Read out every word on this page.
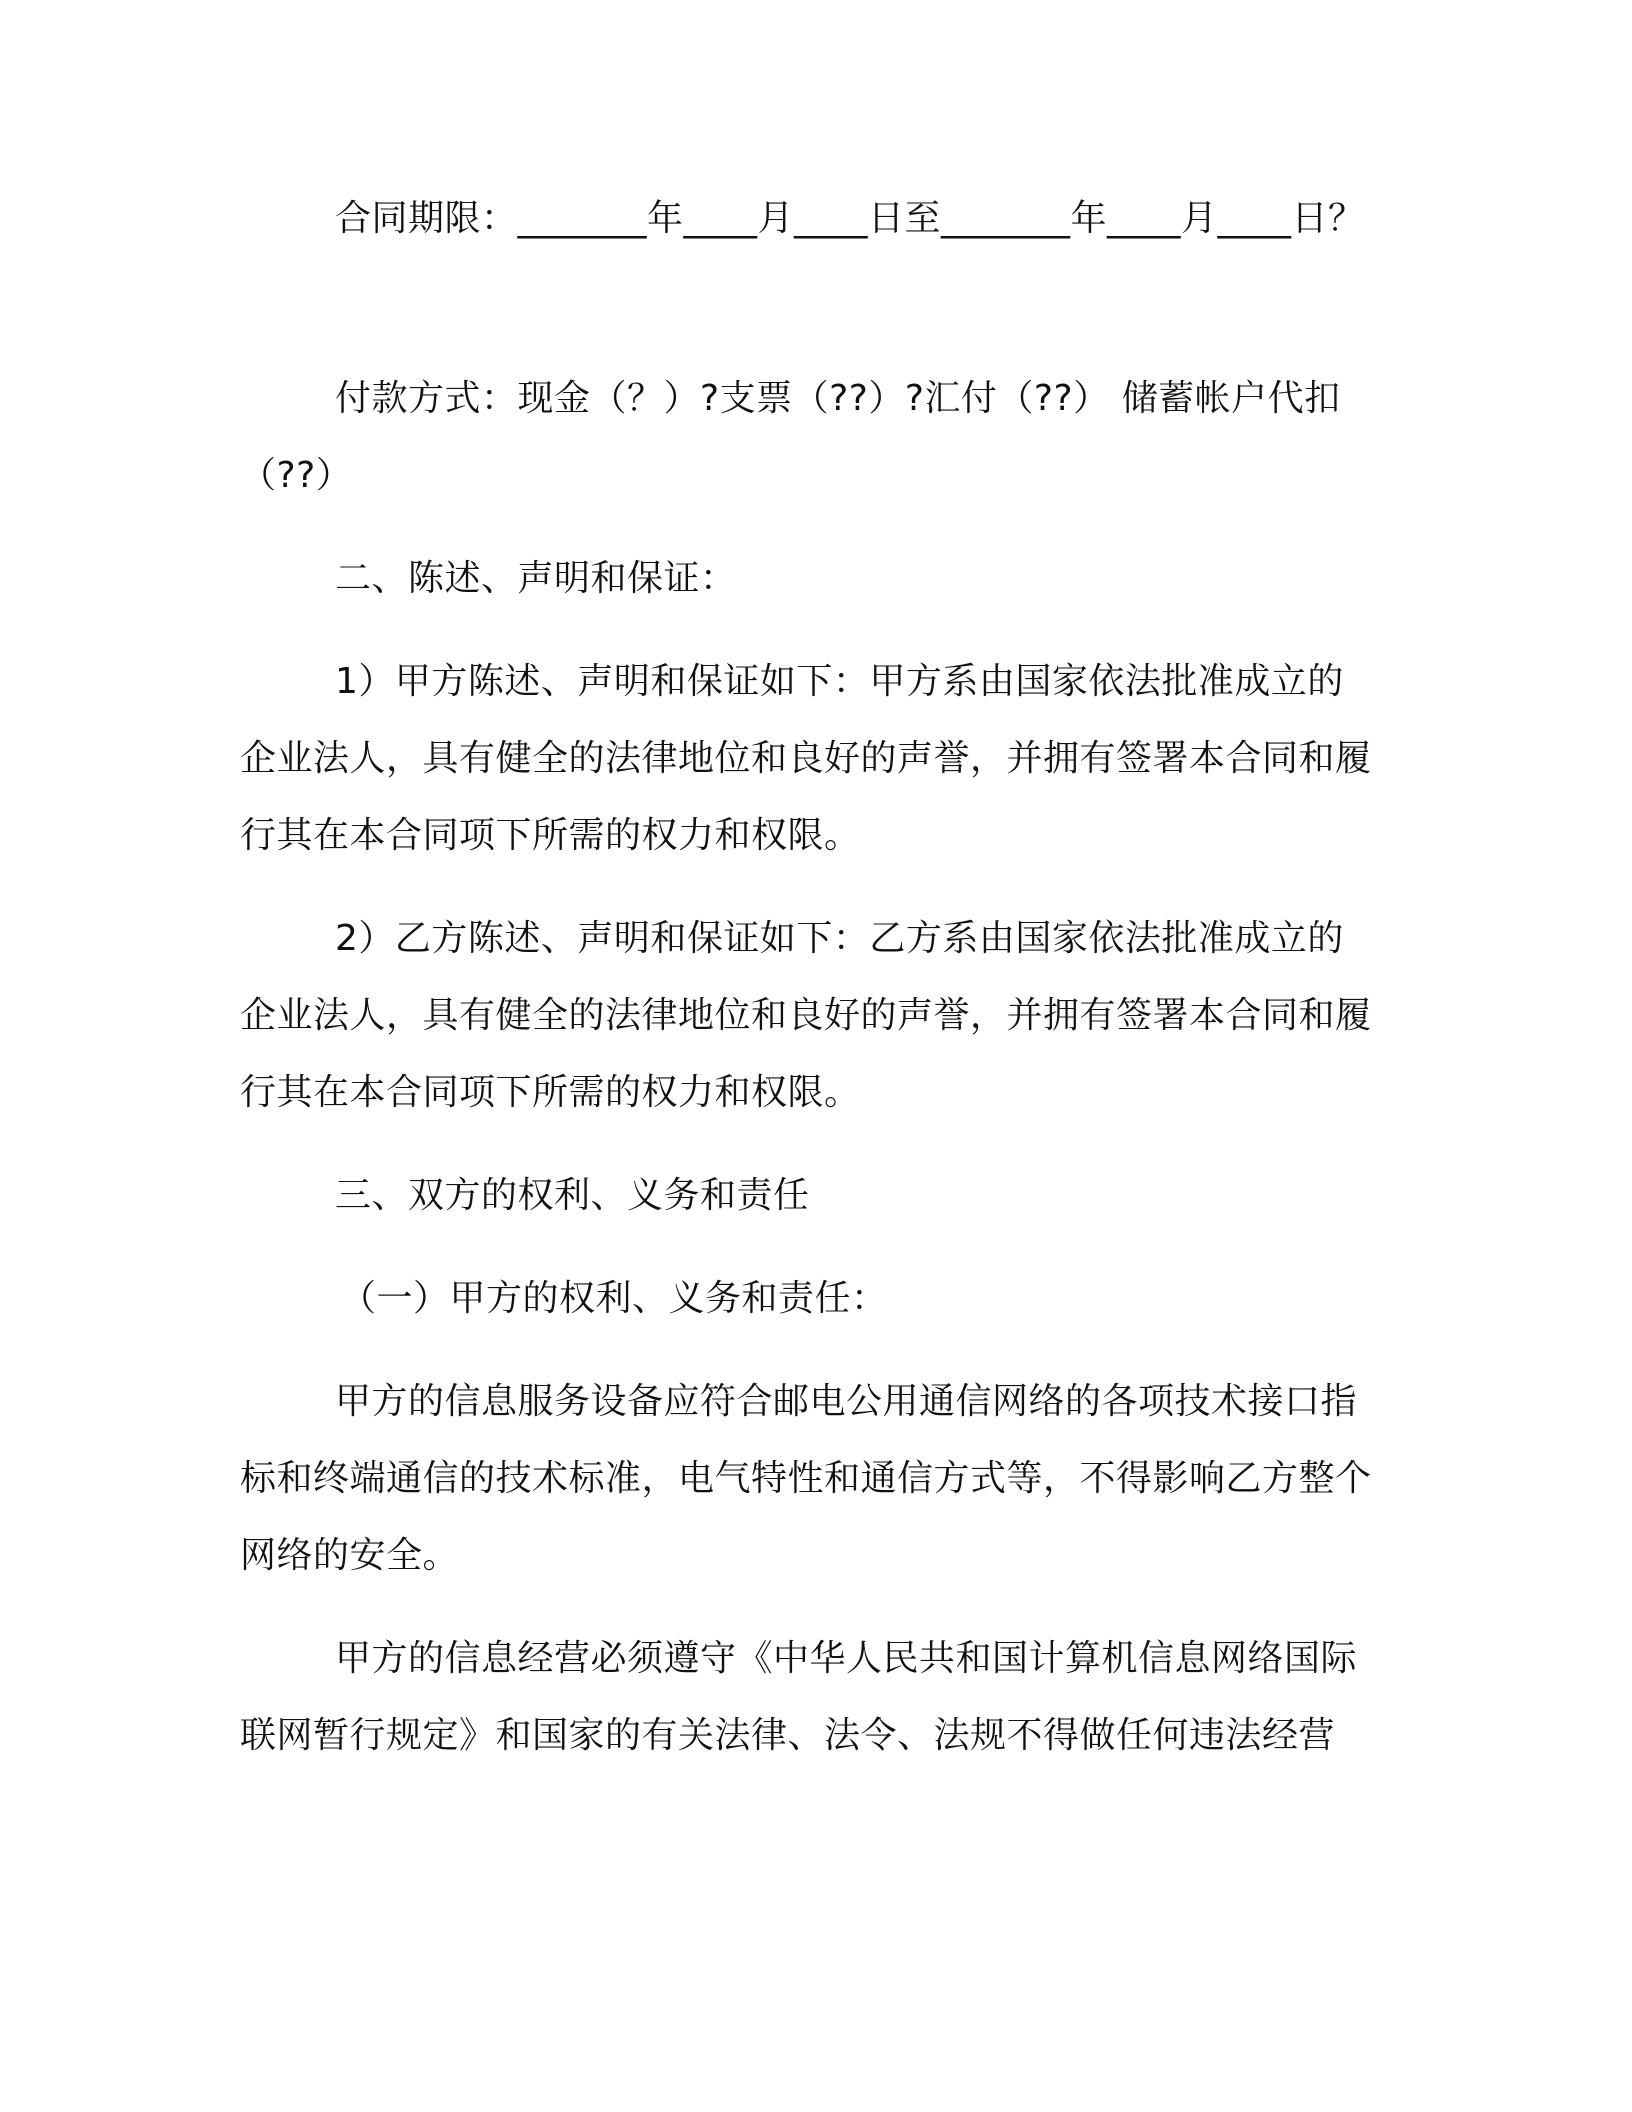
合同期限：_______年____月____日至_______年____月____日？

付款方式：现金（？）?支票（??）?汇付（??） 储蓄帐户代扣（??）

二、陈述、声明和保证：

1）甲方陈述、声明和保证如下：甲方系由国家依法批准成立的企业法人，具有健全的法律地位和良好的声誉，并拥有签署本合同和履行其在本合同项下所需的权力和权限。

2）乙方陈述、声明和保证如下：乙方系由国家依法批准成立的企业法人，具有健全的法律地位和良好的声誉，并拥有签署本合同和履行其在本合同项下所需的权力和权限。

三、双方的权利、义务和责任

（一）甲方的权利、义务和责任：

甲方的信息服务设备应符合邮电公用通信网络的各项技术接口指标和终端通信的技术标准，电气特性和通信方式等，不得影响乙方整个网络的安全。

甲方的信息经营必须遵守《中华人民共和国计算机信息网络国际联网暂行规定》和国家的有关法律、法令、法规不得做任何违法经营
